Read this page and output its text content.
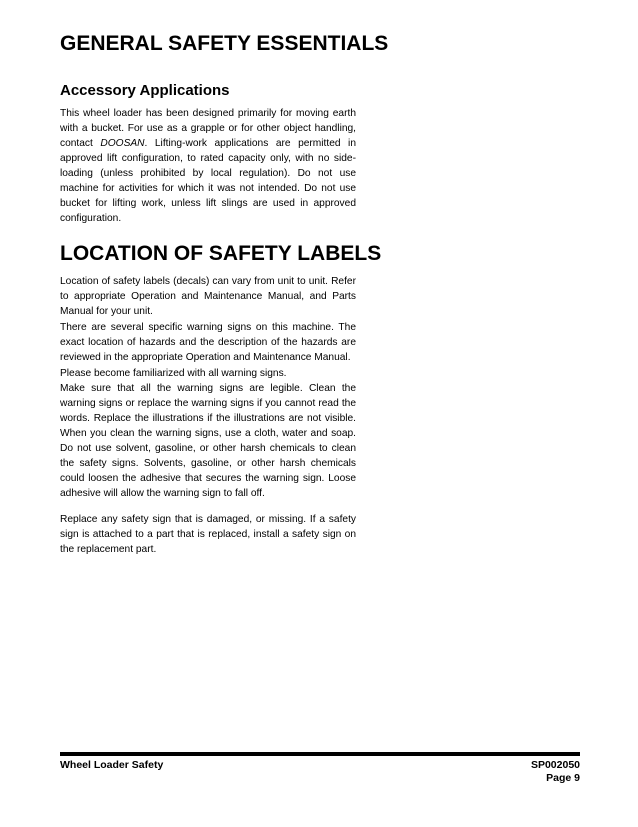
GENERAL SAFETY ESSENTIALS
Accessory Applications

This wheel loader has been designed primarily for moving earth with a bucket. For use as a grapple or for other object handling, contact DOOSAN. Lifting-work applications are permitted in approved lift configuration, to rated capacity only, with no side-loading (unless prohibited by local regulation). Do not use machine for activities for which it was not intended. Do not use bucket for lifting work, unless lift slings are used in approved configuration.

LOCATION OF SAFETY LABELS

Location of safety labels (decals) can vary from unit to unit. Refer to appropriate Operation and Maintenance Manual, and Parts Manual for your unit.

There are several specific warning signs on this machine. The exact location of hazards and the description of the hazards are reviewed in the appropriate Operation and Maintenance Manual.

Please become familiarized with all warning signs.

Make sure that all the warning signs are legible. Clean the warning signs or replace the warning signs if you cannot read the words. Replace the illustrations if the illustrations are not visible. When you clean the warning signs, use a cloth, water and soap. Do not use solvent, gasoline, or other harsh chemicals to clean the safety signs. Solvents, gasoline, or other harsh chemicals could loosen the adhesive that secures the warning sign. Loose adhesive will allow the warning sign to fall off.

Replace any safety sign that is damaged, or missing. If a safety sign is attached to a part that is replaced, install a safety sign on the replacement part.

Wheel Loader Safety	SP002050
Page 9
